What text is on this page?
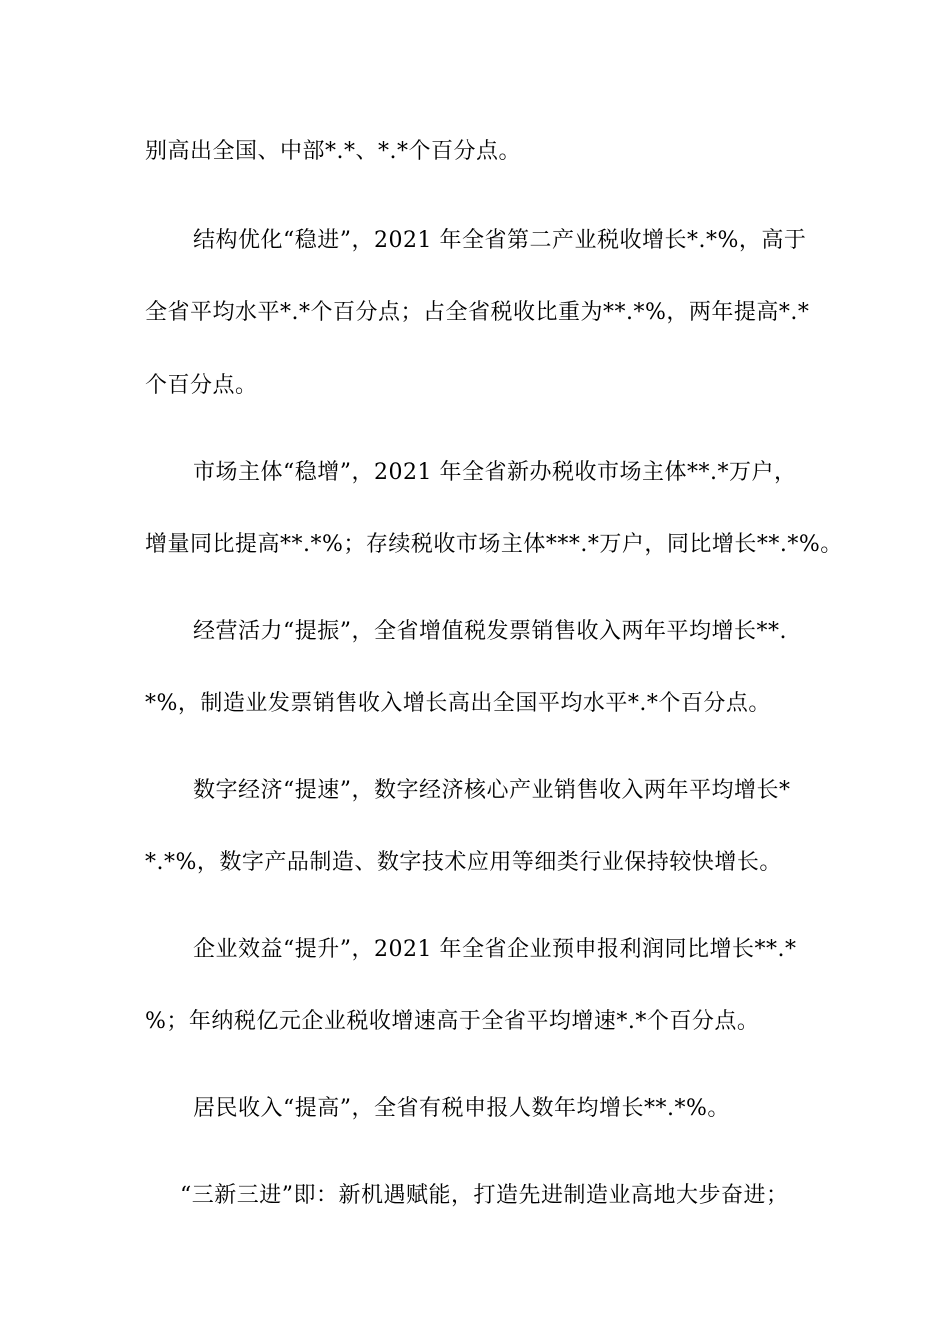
别高出全国、中部*.*、*.*个百分点。
结构优化“稳进”，2021 年全省第二产业税收增长*.*%，高于
全省平均水平*.*个百分点；占全省税收比重为**.*%，两年提高*.*
个百分点。
市场主体“稳增”，2021 年全省新办税收市场主体**.*万户，
增量同比提高**.*%；存续税收市场主体***.*万户，同比增长**.*%。
经营活力“提振”，全省增值税发票销售收入两年平均增长**.
*%，制造业发票销售收入增长高出全国平均水平*.*个百分点。
数字经济“提速”，数字经济核心产业销售收入两年平均增长*
*.*%，数字产品制造、数字技术应用等细类行业保持较快增长。
企业效益“提升”，2021 年全省企业预申报利润同比增长**.*
%；年纳税亿元企业税收增速高于全省平均增速*.*个百分点。
居民收入“提高”，全省有税申报人数年均增长**.*%。
“三新三进”即：新机遇赋能，打造先进制造业高地大步奋进；
